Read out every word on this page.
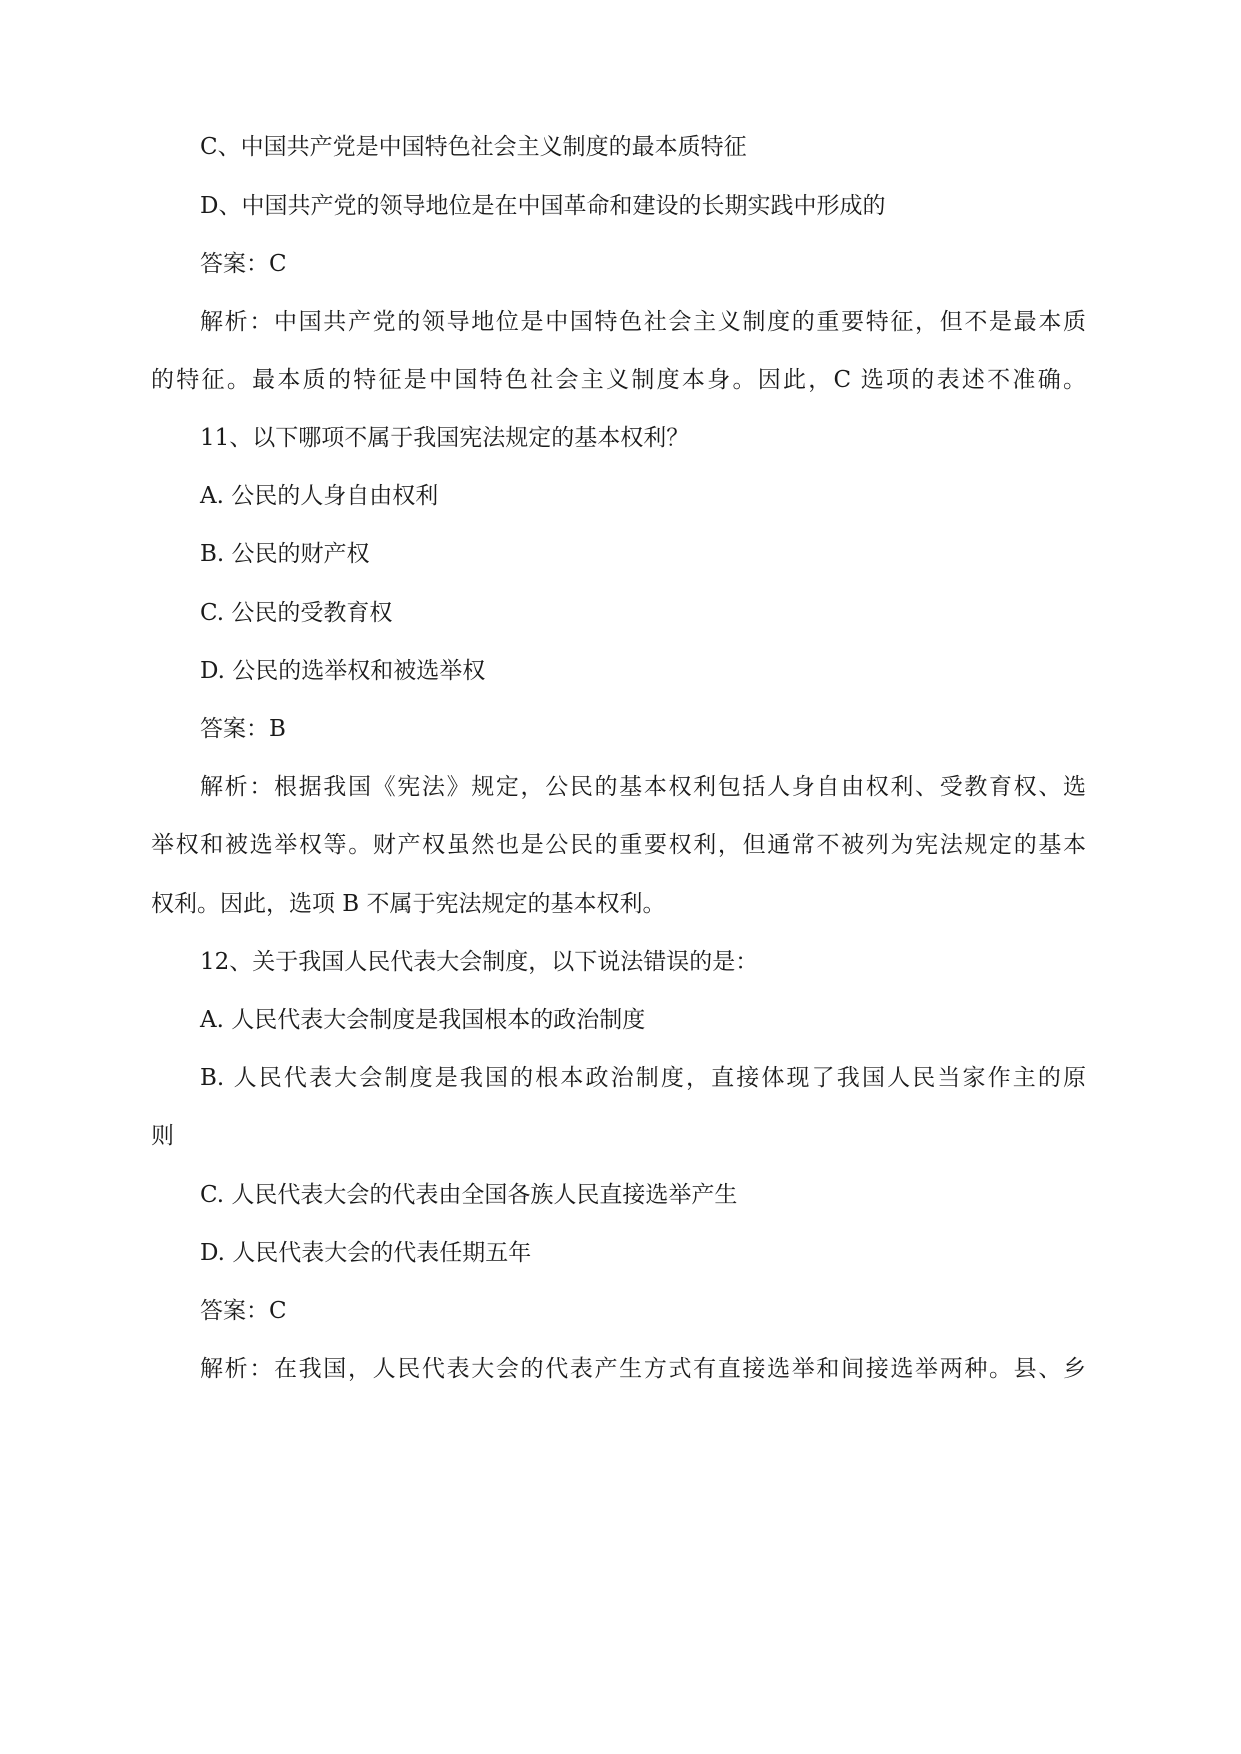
C、中国共产党是中国特色社会主义制度的最本质特征
D、中国共产党的领导地位是在中国革命和建设的长期实践中形成的
答案：C
解析：中国共产党的领导地位是中国特色社会主义制度的重要特征，但不是最本质
的特征。最本质的特征是中国特色社会主义制度本身。因此，C 选项的表述不准确。
11、以下哪项不属于我国宪法规定的基本权利？
A. 公民的人身自由权利
B. 公民的财产权
C. 公民的受教育权
D. 公民的选举权和被选举权
答案：B
解析：根据我国《宪法》规定，公民的基本权利包括人身自由权利、受教育权、选
举权和被选举权等。财产权虽然也是公民的重要权利，但通常不被列为宪法规定的基本
权利。因此，选项 B 不属于宪法规定的基本权利。
12、关于我国人民代表大会制度，以下说法错误的是：
A. 人民代表大会制度是我国根本的政治制度
B. 人民代表大会制度是我国的根本政治制度，直接体现了我国人民当家作主的原
则
C. 人民代表大会的代表由全国各族人民直接选举产生
D. 人民代表大会的代表任期五年
答案：C
解析：在我国，人民代表大会的代表产生方式有直接选举和间接选举两种。县、乡
